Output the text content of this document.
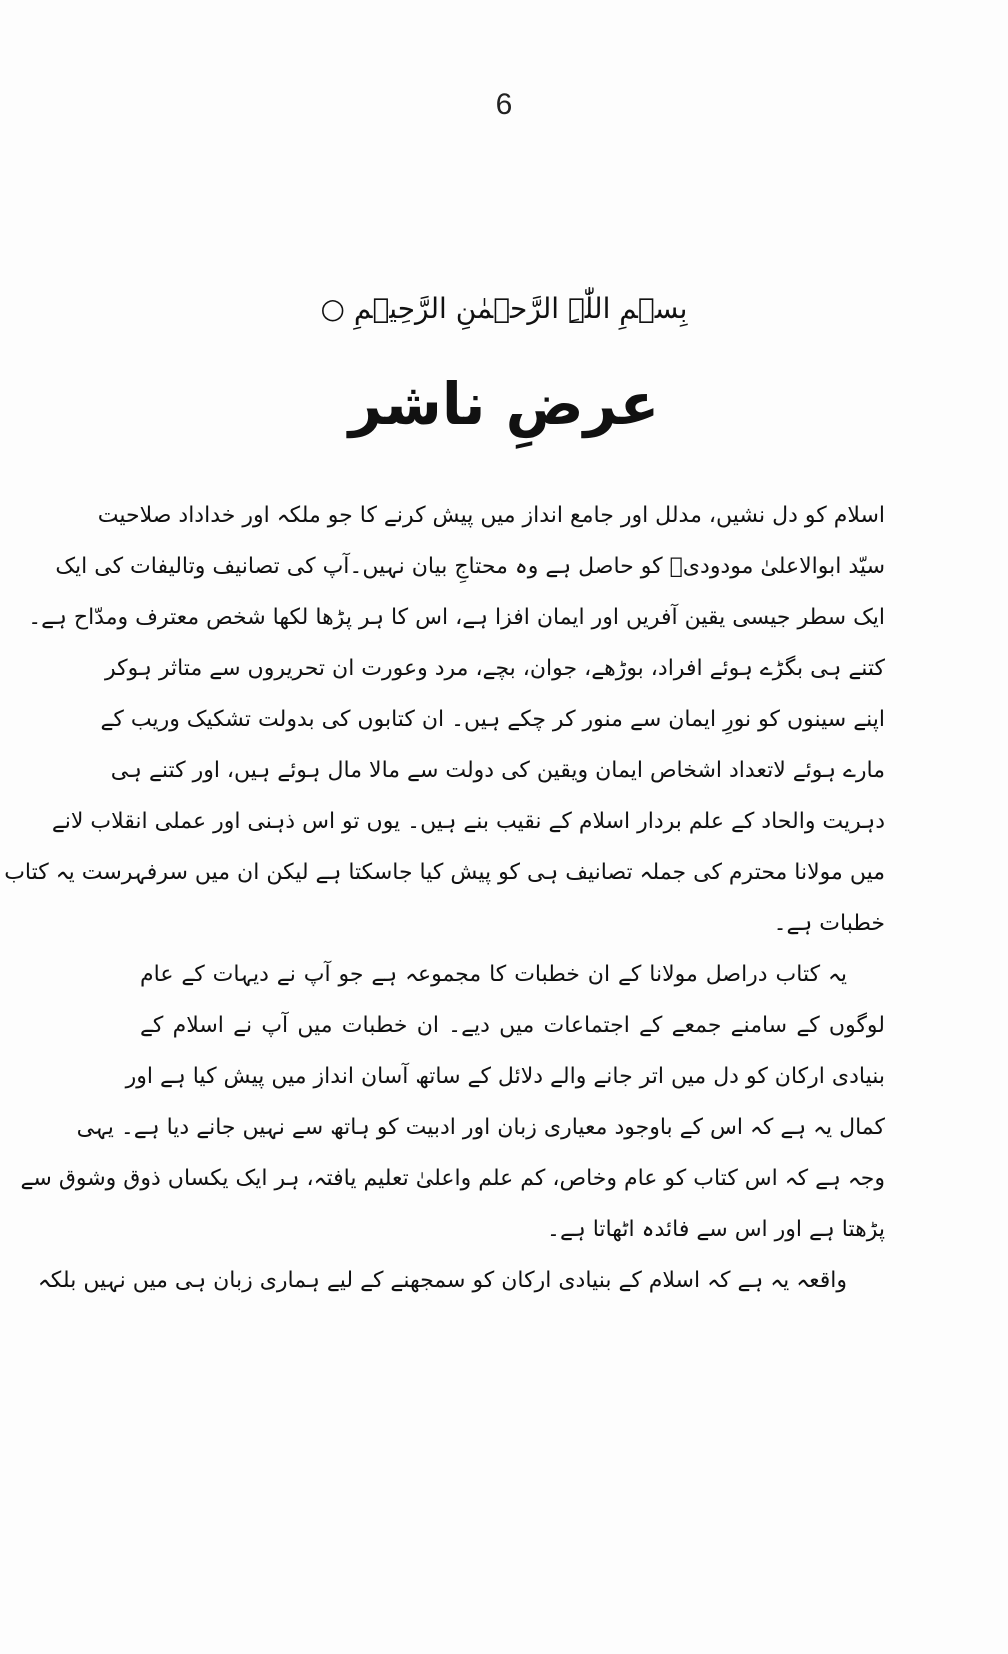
6
بِسۡمِ اللّٰہِ الرَّحۡمٰنِ الرَّحِیۡمِ ○
عرضِ ناشر
اسلام کو دل نشیں، مدلل اور جامع انداز میں پیش کرنے کا جو ملکہ اور خداداد صلاحیت
سیّد ابوالاعلیٰ مودودیؒ کو حاصل ہے وہ محتاجِ بیان نہیں۔آپ کی تصانیف وتالیفات کی ایک
ایک سطر جیسی یقین آفریں اور ایمان افزا ہے، اس کا ہر پڑھا لکھا شخص معترف ومدّاح ہے۔
کتنے ہی بگڑے ہوئے افراد، بوڑھے، جوان، بچے، مرد وعورت ان تحریروں سے متاثر ہوکر
اپنے سینوں کو نورِ ایمان سے منور کر چکے ہیں۔ ان کتابوں کی بدولت تشکیک وریب کے
مارے ہوئے لاتعداد اشخاص ایمان ویقین کی دولت سے مالا مال ہوئے ہیں، اور کتنے ہی
دہریت والحاد کے علم بردار اسلام کے نقیب بنے ہیں۔ یوں تو اس ذہنی اور عملی انقلاب لانے
میں مولانا محترم کی جملہ تصانیف ہی کو پیش کیا جاسکتا ہے لیکن ان میں سرفہرست یہ کتاب
خطبات ہے۔
یہ کتاب دراصل مولانا کے ان خطبات کا مجموعہ ہے جو آپ نے دیہات کے عام
لوگوں کے سامنے جمعے کے اجتماعات میں دیے۔ ان خطبات میں آپ نے اسلام کے
بنیادی ارکان کو دل میں اتر جانے والے دلائل کے ساتھ آسان انداز میں پیش کیا ہے اور
کمال یہ ہے کہ اس کے باوجود معیاری زبان اور ادبیت کو ہاتھ سے نہیں جانے دیا ہے۔ یہی
وجہ ہے کہ اس کتاب کو عام وخاص، کم علم واعلیٰ تعلیم یافتہ، ہر ایک یکساں ذوق وشوق سے
پڑھتا ہے اور اس سے فائدہ اٹھاتا ہے۔
واقعہ یہ ہے کہ اسلام کے بنیادی ارکان کو سمجھنے کے لیے ہماری زبان ہی میں نہیں بلکہ
